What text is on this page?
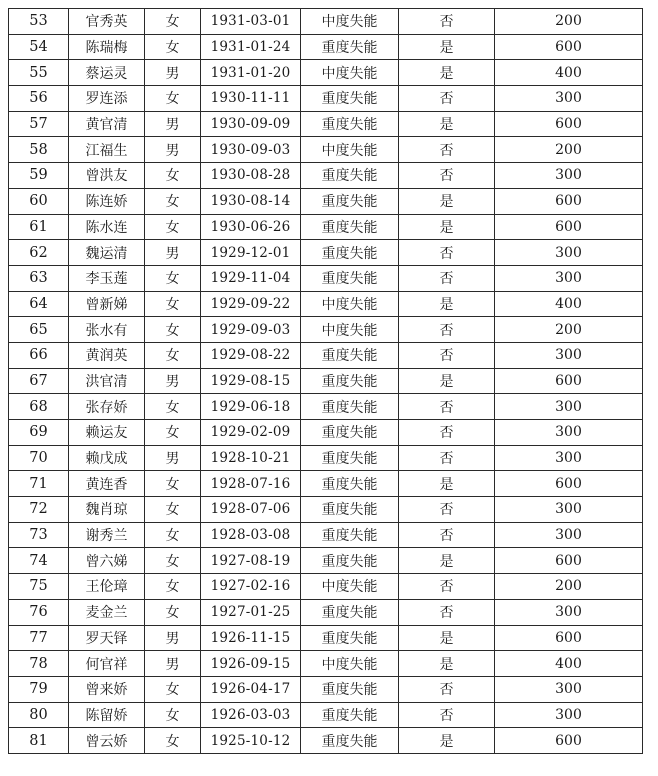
53	官秀英	女	1931-03-01	中度失能	否	200
54	陈瑞梅	女	1931-01-24	重度失能	是	600
55	蔡运灵	男	1931-01-20	中度失能	是	400
56	罗连添	女	1930-11-11	重度失能	否	300
57	黄官清	男	1930-09-09	重度失能	是	600
58	江福生	男	1930-09-03	中度失能	否	200
59	曾洪友	女	1930-08-28	重度失能	否	300
60	陈连娇	女	1930-08-14	重度失能	是	600
61	陈水连	女	1930-06-26	重度失能	是	600
62	魏运清	男	1929-12-01	重度失能	否	300
63	李玉莲	女	1929-11-04	重度失能	否	300
64	曾新娣	女	1929-09-22	中度失能	是	400
65	张水有	女	1929-09-03	中度失能	否	200
66	黄润英	女	1929-08-22	重度失能	否	300
67	洪官清	男	1929-08-15	重度失能	是	600
68	张存娇	女	1929-06-18	重度失能	否	300
69	赖运友	女	1929-02-09	重度失能	否	300
70	赖戊成	男	1928-10-21	重度失能	否	300
71	黄连香	女	1928-07-16	重度失能	是	600
72	魏肖琼	女	1928-07-06	重度失能	否	300
73	谢秀兰	女	1928-03-08	重度失能	否	300
74	曾六娣	女	1927-08-19	重度失能	是	600
75	王伦璋	女	1927-02-16	中度失能	否	200
76	麦金兰	女	1927-01-25	重度失能	否	300
77	罗天铎	男	1926-11-15	重度失能	是	600
78	何官祥	男	1926-09-15	中度失能	是	400
79	曾来娇	女	1926-04-17	重度失能	否	300
80	陈留娇	女	1926-03-03	重度失能	否	300
81	曾云娇	女	1925-10-12	重度失能	是	600
